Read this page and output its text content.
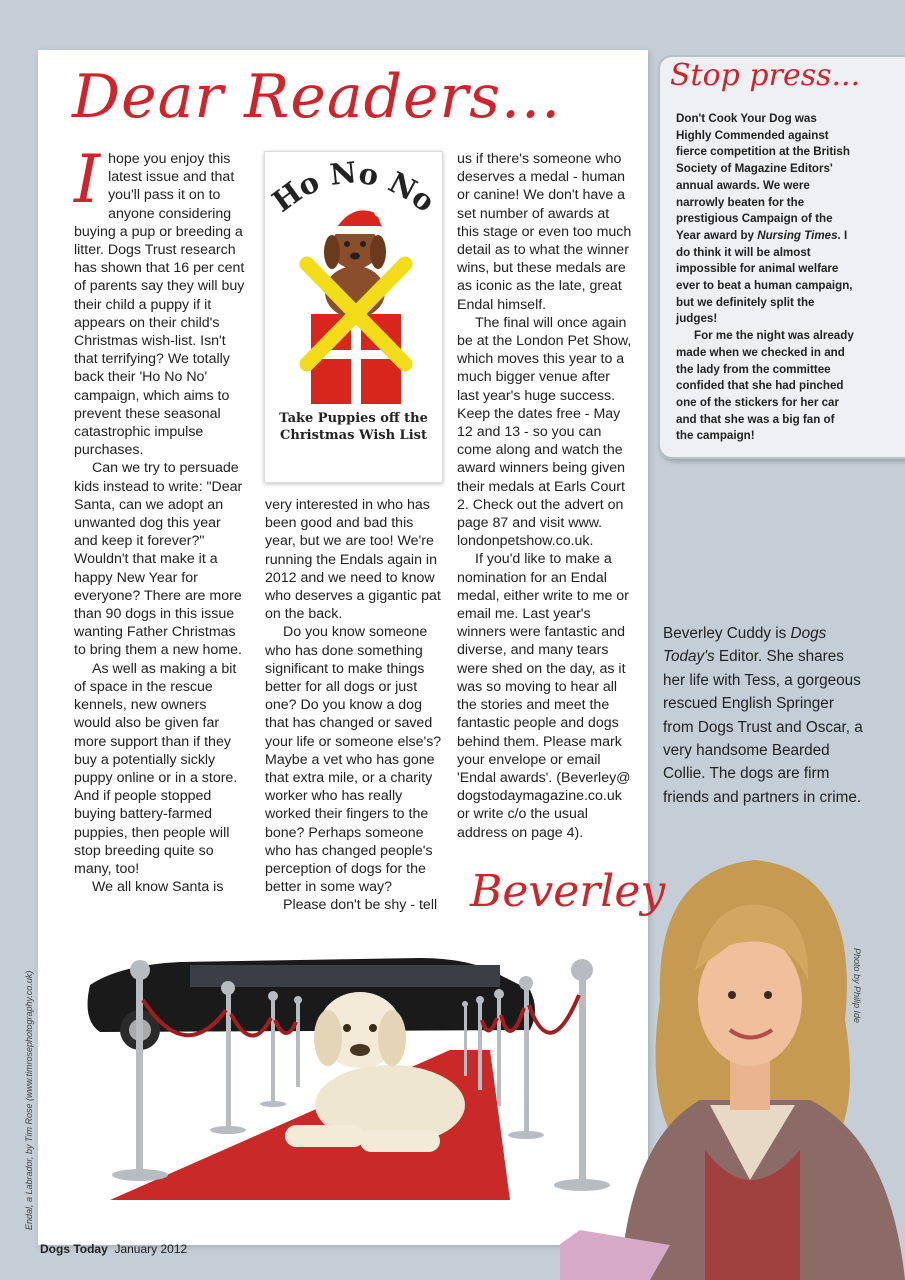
Dear Readers...

Ihope you enjoy this latest issue and that you'll pass it on to anyone considering buying a pup or breeding a litter. Dogs Trust research has shown that 16 per cent of parents say they will buy their child a puppy if it appears on their child's Christmas wish-list. Isn't that terrifying? We totally back their 'Ho No No' campaign, which aims to prevent these seasonal catastrophic impulse purchases.

Can we try to persuade kids instead to write: "Dear Santa, can we adopt an unwanted dog this year and keep it forever?" Wouldn't that make it a happy New Year for everyone? There are more than 90 dogs in this issue wanting Father Christmas to bring them a new home.

As well as making a bit of space in the rescue kennels, new owners would also be given far more support than if they buy a potentially sickly puppy online or in a store. And if people stopped buying battery-farmed puppies, then people will stop breeding quite so many, too!

We all know Santa is

Ho No No
Take Puppies off the Christmas Wish List

very interested in who has been good and bad this year, but we are too! We're running the Endals again in 2012 and we need to know who deserves a gigantic pat on the back.

Do you know someone who has done something significant to make things better for all dogs or just one? Do you know a dog that has changed or saved your life or someone else's? Maybe a vet who has gone that extra mile, or a charity worker who has really worked their fingers to the bone? Perhaps someone who has changed people's perception of dogs for the better in some way?

Please don't be shy - tell

us if there's someone who deserves a medal - human or canine! We don't have a set number of awards at this stage or even too much detail as to what the winner wins, but these medals are as iconic as the late, great Endal himself.

The final will once again be at the London Pet Show, which moves this year to a much bigger venue after last year's huge success. Keep the dates free - May 12 and 13 - so you can come along and watch the award winners being given their medals at Earls Court 2. Check out the advert on page 87 and visit www. londonpetshow.co.uk.

If you'd like to make a nomination for an Endal medal, either write to me or email me. Last year's winners were fantastic and diverse, and many tears were shed on the day, as it was so moving to hear all the stories and meet the fantastic people and dogs behind them. Please mark your envelope or email 'Endal awards'. (Beverley@ dogstodaymagazine.co.uk or write c/o the usual address on page 4).

Beverley
Stop press...

Don't Cook Your Dog was Highly Commended against fierce competition at the British Society of Magazine Editors' annual awards. We were narrowly beaten for the prestigious Campaign of the Year award by Nursing Times. I do think it will be almost impossible for animal welfare ever to beat a human campaign, but we definitely split the judges!

For me the night was already made when we checked in and the lady from the committee confided that she had pinched one of the stickers for her car and that she was a big fan of the campaign!

Beverley Cuddy is Dogs Today's Editor. She shares her life with Tess, a gorgeous rescued English Springer from Dogs Trust and Oscar, a very handsome Bearded Collie. The dogs are firm friends and partners in crime.

Endal, a Labrador, by Tim Rose (www.timrosephotography.co.uk)	Photo by Philip Ide
Dogs Today January 2012
